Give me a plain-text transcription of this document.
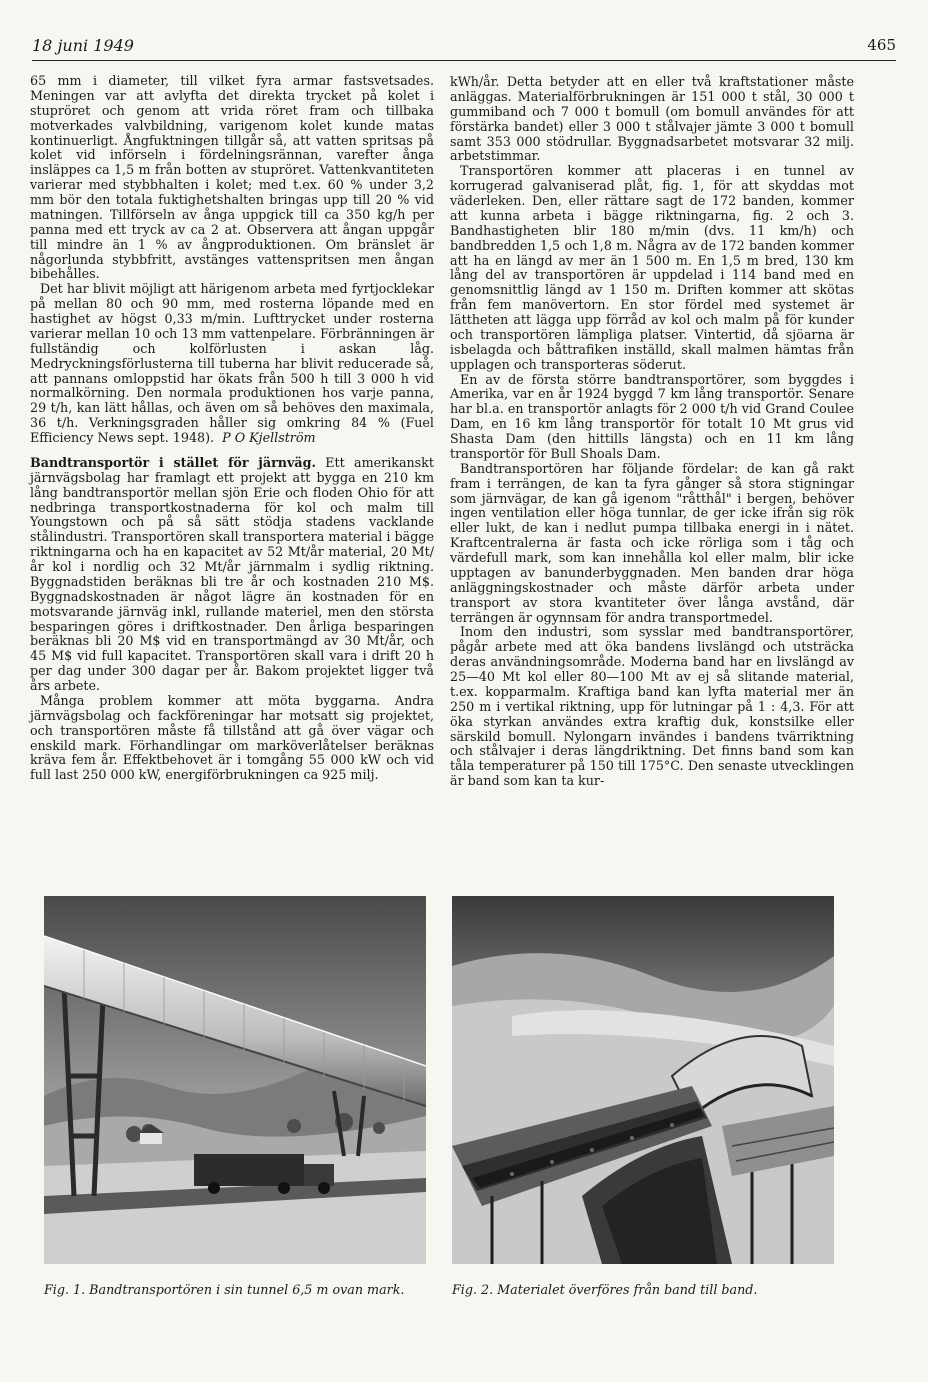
18 juni 1949	465

65 mm i diameter, till vilket fyra armar fastsvetsades. Meningen var att avlyfta det direkta trycket på kolet i stupröret och genom att vrida röret fram och tillbaka motverkades valvbildning, varigenom kolet kunde matas kontinuerligt. Ångfuktningen tillgår så, att vatten spritsas på kolet vid införseln i fördelningsrännan, varefter ånga insläppes ca 1,5 m från botten av stupröret. Vattenkvantiteten varierar med stybbhalten i kolet; med t.ex. 60 % under 3,2 mm bör den totala fuktighetshalten bringas upp till 20 % vid matningen. Tillförseln av ånga uppgick till ca 350 kg/h per panna med ett tryck av ca 2 at. Observera att ångan uppgår till mindre än 1 % av ångproduktionen. Om bränslet är någorlunda stybbfritt, avstänges vattenspritsen men ångan bibehålles.

Det har blivit möjligt att härigenom arbeta med fyrtjocklekar på mellan 80 och 90 mm, med rosterna löpande med en hastighet av högst 0,33 m/min. Lufttrycket under rosterna varierar mellan 10 och 13 mm vattenpelare. Förbränningen är fullständig och kolförlusten i askan låg. Medryckningsförlusterna till tuberna har blivit reducerade så, att pannans omloppstid har ökats från 500 h till 3 000 h vid normalkörning. Den normala produktionen hos varje panna, 29 t/h, kan lätt hållas, och även om så behöves den maximala, 36 t/h. Verkningsgraden håller sig omkring 84 % (Fuel Efficiency News sept. 1948). P O Kjellström

Bandtransportör i stället för järnväg. Ett amerikanskt järnvägsbolag har framlagt ett projekt att bygga en 210 km lång bandtransportör mellan sjön Erie och floden Ohio för att nedbringa transportkostnaderna för kol och malm till Youngstown och på så sätt stödja stadens vacklande stålindustri. Transportören skall transportera material i bägge riktningarna och ha en kapacitet av 52 Mt/år material, 20 Mt/år kol i nordlig och 32 Mt/år järnmalm i sydlig riktning. Byggnadstiden beräknas bli tre år och kostnaden 210 M$. Byggnadskostnaden är något lägre än kostnaden för en motsvarande järnväg inkl, rullande materiel, men den största besparingen göres i driftkostnader. Den årliga besparingen beräknas bli 20 M$ vid en transportmängd av 30 Mt/år, och 45 M$ vid full kapacitet. Transportören skall vara i drift 20 h per dag under 300 dagar per år. Bakom projektet ligger två års arbete.

Många problem kommer att möta byggarna. Andra järnvägsbolag och fackföreningar har motsatt sig projektet, och transportören måste få tillstånd att gå över vägar och enskild mark. Förhandlingar om marköverlåtelser beräknas kräva fem år. Effektbehovet är i tomgång 55 000 kW och vid full last 250 000 kW, energiförbrukningen ca 925 milj.

kWh/år. Detta betyder att en eller två kraftstationer måste anläggas. Materialförbrukningen är 151 000 t stål, 30 000 t gummiband och 7 000 t bomull (om bomull användes för att förstärka bandet) eller 3 000 t stålvajer jämte 3 000 t bomull samt 353 000 stödrullar. Byggnadsarbetet motsvarar 32 milj. arbetstimmar.

Transportören kommer att placeras i en tunnel av korrugerad galvaniserad plåt, fig. 1, för att skyddas mot väderleken. Den, eller rättare sagt de 172 banden, kommer att kunna arbeta i bägge riktningarna, fig. 2 och 3. Bandhastigheten blir 180 m/min (dvs. 11 km/h) och bandbredden 1,5 och 1,8 m. Några av de 172 banden kommer att ha en längd av mer än 1 500 m. En 1,5 m bred, 130 km lång del av transportören är uppdelad i 114 band med en genomsnittlig längd av 1 150 m. Driften kommer att skötas från fem manövertorn. En stor fördel med systemet är lättheten att lägga upp förråd av kol och malm på för kunder och transportören lämpliga platser. Vintertid, då sjöarna är isbelagda och båttrafiken inställd, skall malmen hämtas från upplagen och transporteras söderut.

En av de första större bandtransportörer, som byggdes i Amerika, var en år 1924 byggd 7 km lång transportör. Senare har bl.a. en transportör anlagts för 2 000 t/h vid Grand Coulee Dam, en 16 km lång transportör för totalt 10 Mt grus vid Shasta Dam (den hittills längsta) och en 11 km lång transportör för Bull Shoals Dam.

Bandtransportören har följande fördelar: de kan gå rakt fram i terrängen, de kan ta fyra gånger så stora stigningar som järnvägar, de kan gå igenom "råtthål" i bergen, behöver ingen ventilation eller höga tunnlar, de ger icke ifrån sig rök eller lukt, de kan i nedlut pumpa tillbaka energi in i nätet. Kraftcentralerna är fasta och icke rörliga som i tåg och värdefull mark, som kan innehålla kol eller malm, blir icke upptagen av banunderbyggnaden. Men banden drar höga anläggningskostnader och måste därför arbeta under transport av stora kvantiteter över långa avstånd, där terrängen är ogynnsam för andra transportmedel.

Inom den industri, som sysslar med bandtransportörer, pågår arbete med att öka bandens livslängd och utsträcka deras användningsområde. Moderna band har en livslängd av 25—40 Mt kol eller 80—100 Mt av ej så slitande material, t.ex. kopparmalm. Kraftiga band kan lyfta material mer än 250 m i vertikal riktning, upp för lutningar på 1 : 4,3. För att öka styrkan användes extra kraftig duk, konstsilke eller särskild bomull. Nylongarn invändes i bandens tvärriktning och stålvajer i deras längdriktning. Det finns band som kan tåla temperaturer på 150 till 175°C. Den senaste utvecklingen är band som kan ta kur-

Fig. 1. Bandtransportören i sin tunnel 6,5 m ovan mark.	Fig. 2. Materialet överföres från band till band.
